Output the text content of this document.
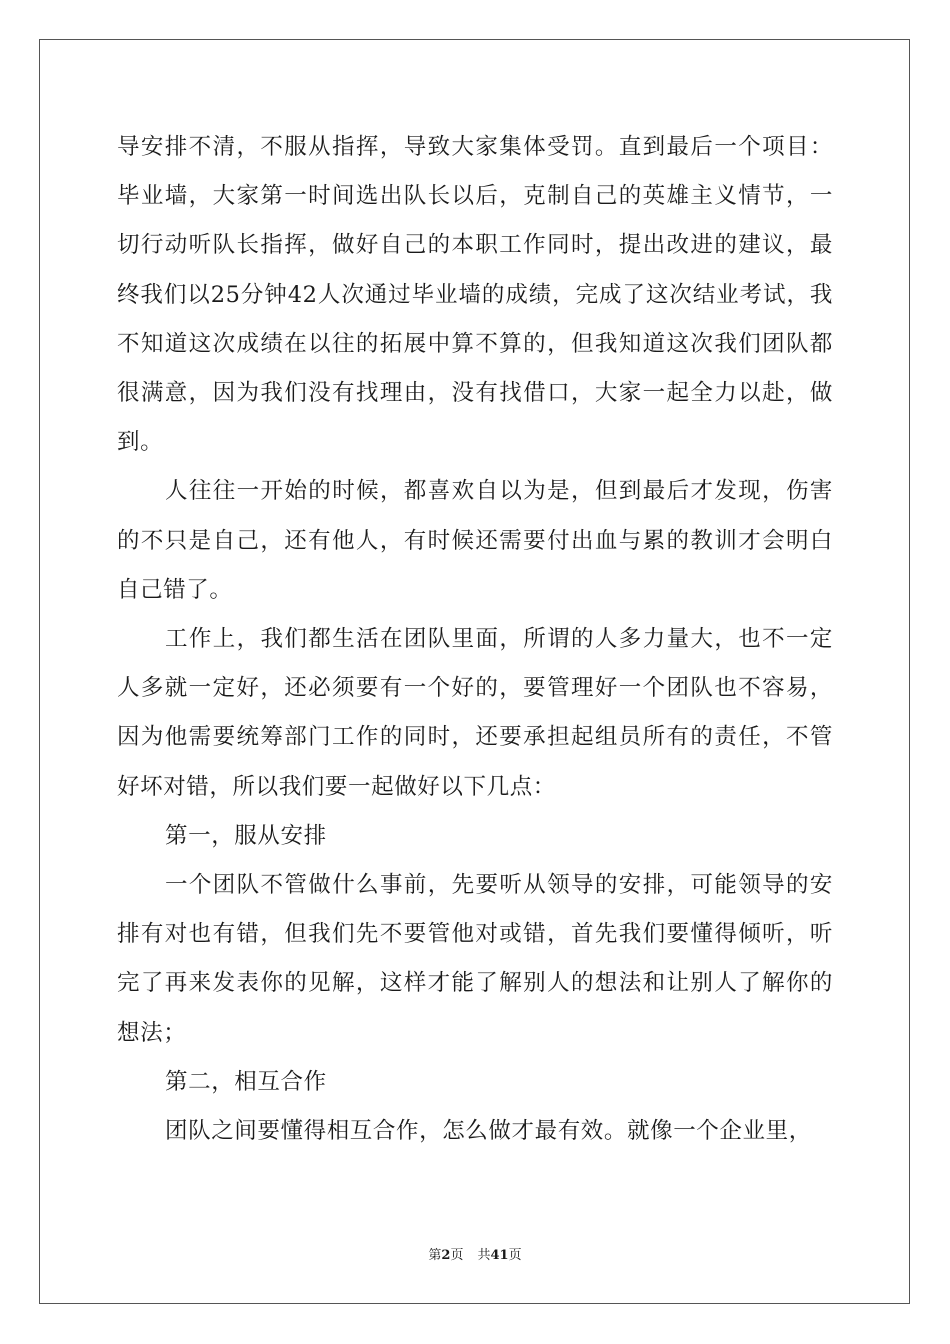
导安排不清，不服从指挥，导致大家集体受罚。直到最后一个项目：毕业墙，大家第一时间选出队长以后，克制自己的英雄主义情节，一切行动听队长指挥，做好自己的本职工作同时，提出改进的建议，最终我们以25分钟42人次通过毕业墙的成绩，完成了这次结业考试，我不知道这次成绩在以往的拓展中算不算的，但我知道这次我们团队都很满意，因为我们没有找理由，没有找借口，大家一起全力以赴，做到。

人往往一开始的时候，都喜欢自以为是，但到最后才发现，伤害的不只是自己，还有他人，有时候还需要付出血与累的教训才会明白自己错了。

工作上，我们都生活在团队里面，所谓的人多力量大，也不一定人多就一定好，还必须要有一个好的，要管理好一个团队也不容易，因为他需要统筹部门工作的同时，还要承担起组员所有的责任，不管好坏对错，所以我们要一起做好以下几点：

第一，服从安排

一个团队不管做什么事前，先要听从领导的安排，可能领导的安排有对也有错，但我们先不要管他对或错，首先我们要懂得倾听，听完了再来发表你的见解，这样才能了解别人的想法和让别人了解你的想法；

第二，相互合作

团队之间要懂得相互合作，怎么做才最有效。就像一个企业里，

第2页 共41页
